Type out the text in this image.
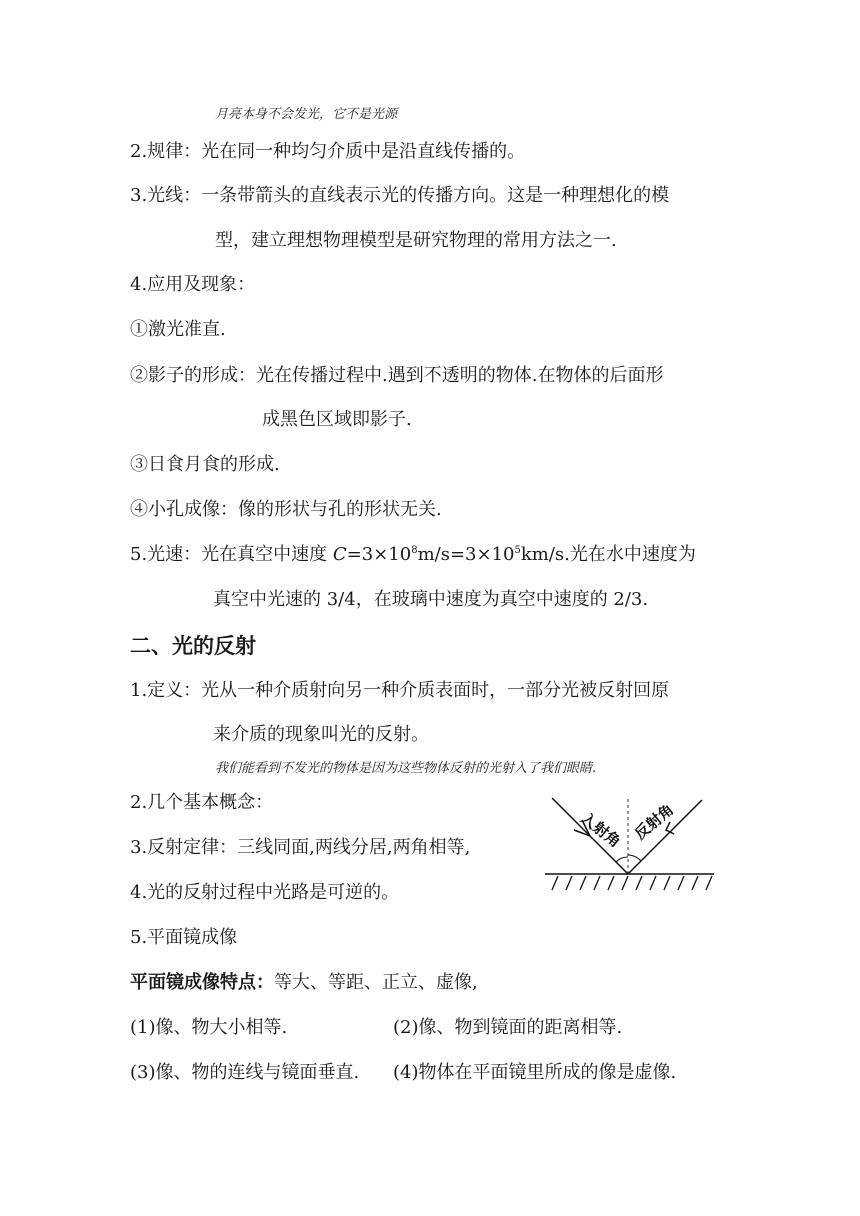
月亮本身不会发光，它不是光源
2.规律：光在同一种均匀介质中是沿直线传播的。
3.光线：一条带箭头的直线表示光的传播方向。这是一种理想化的模
型，建立理想物理模型是研究物理的常用方法之一.
4.应用及现象：
①激光准直.
②影子的形成：光在传播过程中.遇到不透明的物体.在物体的后面形
成黑色区域即影子.
③日食月食的形成.
④小孔成像：像的形状与孔的形状无关.
5.光速：光在真空中速度 $C=3\times 10^8m/s=3\times 10^5km/s$.光在水中速度为
真空中光速的 3/4，在玻璃中速度为真空中速度的 2/3.
二、光的反射
1.定义：光从一种介质射向另一种介质表面时，一部分光被反射回原
来介质的现象叫光的反射。
我们能看到不发光的物体是因为这些物体反射的光射入了我们眼睛.
2.几个基本概念：
3.反射定律：三线同面,两线分居,两角相等,
4.光的反射过程中光路是可逆的。
5.平面镜成像
平面镜成像特点：等大、等距、正立、虚像,
(1)像、物大小相等.	(2)像、物到镜面的距离相等.
(3)像、物的连线与镜面垂直. (4)物体在平面镜里所成的像是虚像.
入射角 反射角
